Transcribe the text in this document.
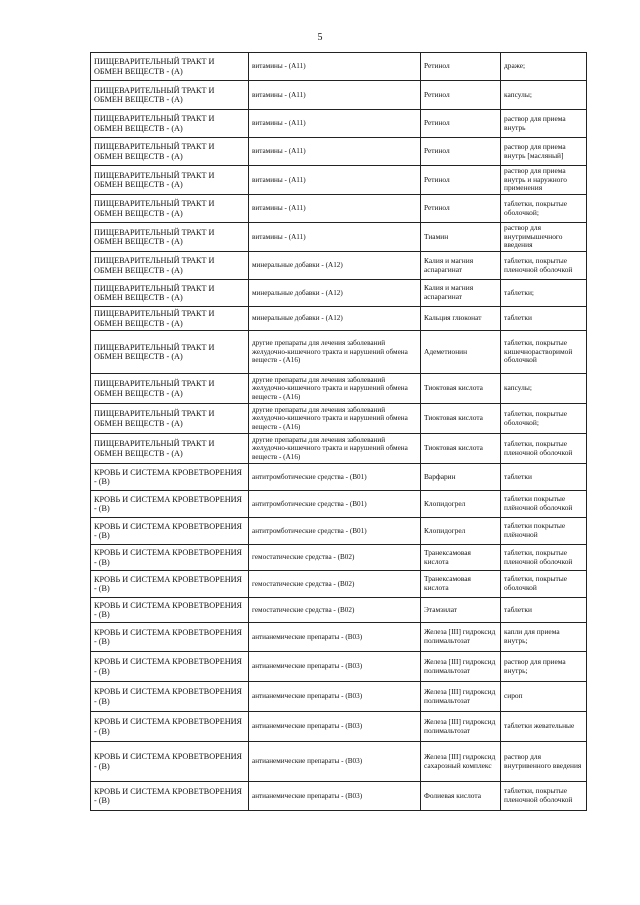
5
ПИЩЕВАРИТЕЛЬНЫЙ ТРАКТ И ОБМЕН ВЕЩЕСТВ - (А)	витамины - (А11)	Ретинол	драже;
ПИЩЕВАРИТЕЛЬНЫЙ ТРАКТ И ОБМЕН ВЕЩЕСТВ - (А)	витамины - (А11)	Ретинол	капсулы;
ПИЩЕВАРИТЕЛЬНЫЙ ТРАКТ И ОБМЕН ВЕЩЕСТВ - (А)	витамины - (А11)	Ретинол	раствор для приема внутрь
ПИЩЕВАРИТЕЛЬНЫЙ ТРАКТ И ОБМЕН ВЕЩЕСТВ - (А)	витамины - (А11)	Ретинол	раствор для приема внутрь [масляный]
ПИЩЕВАРИТЕЛЬНЫЙ ТРАКТ И ОБМЕН ВЕЩЕСТВ - (А)	витамины - (А11)	Ретинол	раствор для приема внутрь и наружного применения
ПИЩЕВАРИТЕЛЬНЫЙ ТРАКТ И ОБМЕН ВЕЩЕСТВ - (А)	витамины - (А11)	Ретинол	таблетки, покрытые оболочкой;
ПИЩЕВАРИТЕЛЬНЫЙ ТРАКТ И ОБМЕН ВЕЩЕСТВ - (А)	витамины - (А11)	Тиамин	раствор для внутримышечного введения
ПИЩЕВАРИТЕЛЬНЫЙ ТРАКТ И ОБМЕН ВЕЩЕСТВ - (А)	минеральные добавки - (А12)	Калия и магния аспарагинат	таблетки, покрытые пленочной оболочкой
ПИЩЕВАРИТЕЛЬНЫЙ ТРАКТ И ОБМЕН ВЕЩЕСТВ - (А)	минеральные добавки - (А12)	Калия и магния аспарагинат	таблетки;
ПИЩЕВАРИТЕЛЬНЫЙ ТРАКТ И ОБМЕН ВЕЩЕСТВ - (А)	минеральные добавки - (А12)	Кальция глюконат	таблетки
ПИЩЕВАРИТЕЛЬНЫЙ ТРАКТ И ОБМЕН ВЕЩЕСТВ - (А)	другие препараты для лечения заболеваний желудочно-кишечного тракта и нарушений обмена веществ - (А16)	Адеметионин	таблетки, покрытые кишечнорастворимой оболочкой
ПИЩЕВАРИТЕЛЬНЫЙ ТРАКТ И ОБМЕН ВЕЩЕСТВ - (А)	другие препараты для лечения заболеваний желудочно-кишечного тракта и нарушений обмена веществ - (А16)	Тиоктовая кислота	капсулы;
ПИЩЕВАРИТЕЛЬНЫЙ ТРАКТ И ОБМЕН ВЕЩЕСТВ - (А)	другие препараты для лечения заболеваний желудочно-кишечного тракта и нарушений обмена веществ - (А16)	Тиоктовая кислота	таблетки, покрытые оболочкой;
ПИЩЕВАРИТЕЛЬНЫЙ ТРАКТ И ОБМЕН ВЕЩЕСТВ - (А)	другие препараты для лечения заболеваний желудочно-кишечного тракта и нарушений обмена веществ - (А16)	Тиоктовая кислота	таблетки, покрытые пленочной оболочкой
КРОВЬ И СИСТЕМА КРОВЕТВОРЕНИЯ - (В)	антитромботические средства - (В01)	Варфарин	таблетки
КРОВЬ И СИСТЕМА КРОВЕТВОРЕНИЯ - (В)	антитромботические средства - (В01)	Клопидогрел	таблетки покрытые плёночной оболочкой
КРОВЬ И СИСТЕМА КРОВЕТВОРЕНИЯ - (В)	антитромботические средства - (В01)	Клопидогрел	таблетки покрытые плёночной
КРОВЬ И СИСТЕМА КРОВЕТВОРЕНИЯ - (В)	гемостатические средства - (В02)	Транексамовая кислота	таблетки, покрытые пленочной оболочкой
КРОВЬ И СИСТЕМА КРОВЕТВОРЕНИЯ - (В)	гемостатические средства - (В02)	Транексамовая кислота	таблетки, покрытые оболочкой
КРОВЬ И СИСТЕМА КРОВЕТВОРЕНИЯ - (В)	гемостатические средства - (В02)	Этамзилат	таблетки
КРОВЬ И СИСТЕМА КРОВЕТВОРЕНИЯ - (В)	антианемические препараты - (В03)	Железа [III] гидроксид полимальтозат	капли для приема внутрь;
КРОВЬ И СИСТЕМА КРОВЕТВОРЕНИЯ - (В)	антианемические препараты - (В03)	Железа [III] гидроксид полимальтозат	раствор для приема внутрь;
КРОВЬ И СИСТЕМА КРОВЕТВОРЕНИЯ - (В)	антианемические препараты - (В03)	Железа [III] гидроксид полимальтозат	сироп
КРОВЬ И СИСТЕМА КРОВЕТВОРЕНИЯ - (В)	антианемические препараты - (В03)	Железа [III] гидроксид полимальтозат	таблетки жевательные
КРОВЬ И СИСТЕМА КРОВЕТВОРЕНИЯ - (В)	антианемические препараты - (В03)	Железа [III] гидроксид сахарозный комплекс	раствор для внутривенного введения
КРОВЬ И СИСТЕМА КРОВЕТВОРЕНИЯ - (В)	антианемические препараты - (В03)	Фолиевая кислота	таблетки, покрытые пленочной оболочкой
